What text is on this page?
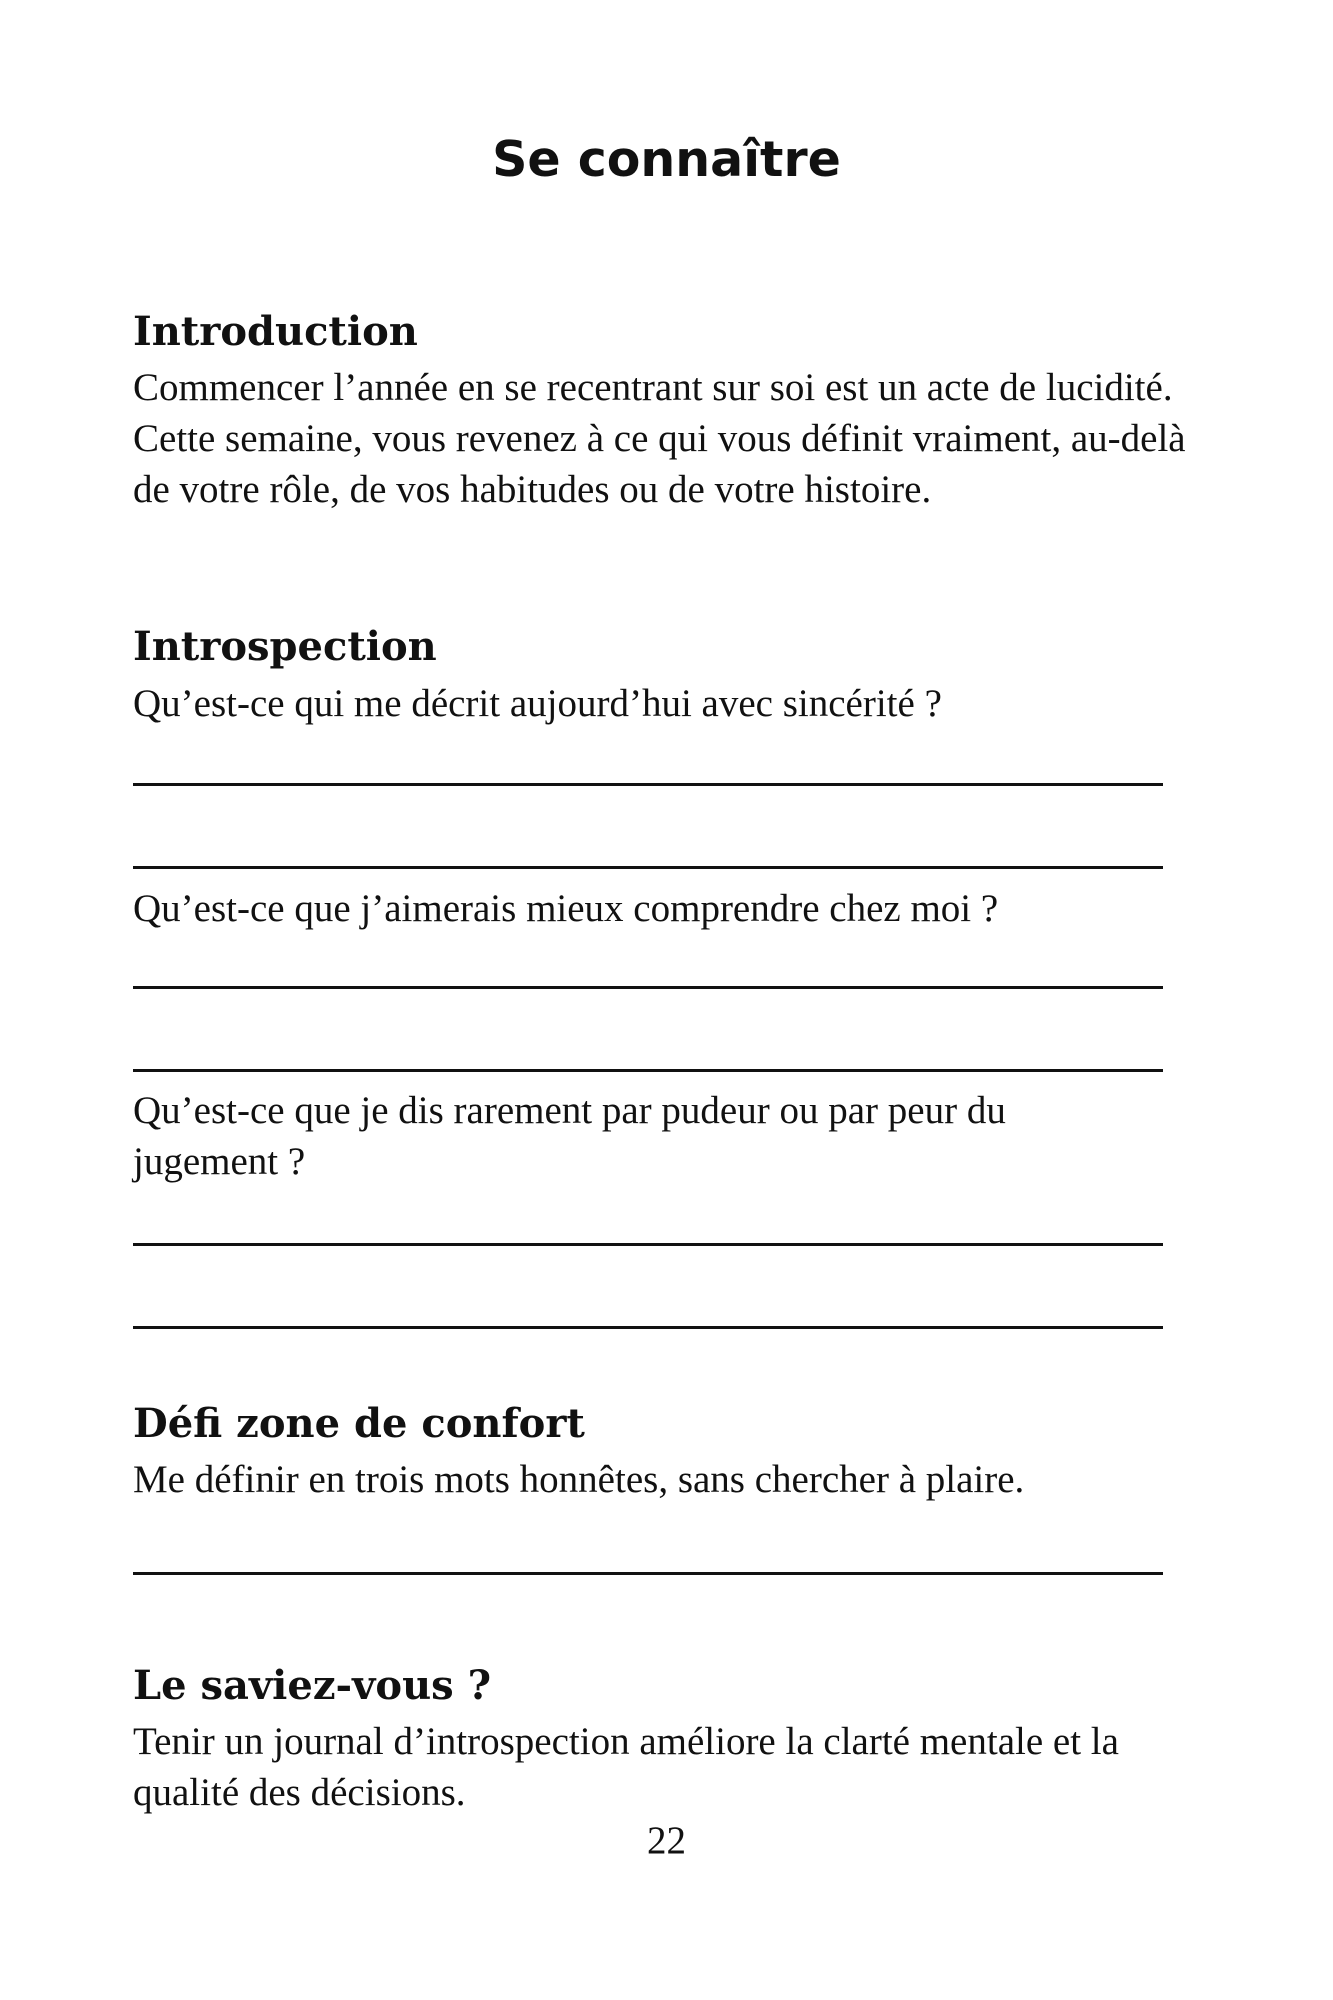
Se connaître
Introduction

Commencer l’année en se recentrant sur soi est un acte de lucidité. Cette semaine, vous revenez à ce qui vous définit vraiment, au-delà de votre rôle, de vos habitudes ou de votre histoire.

Introspection

Qu’est-ce qui me décrit aujourd’hui avec sincérité ?

Qu’est-ce que j’aimerais mieux comprendre chez moi ?

Qu’est-ce que je dis rarement par pudeur ou par peur du jugement ?

Défi zone de confort

Me définir en trois mots honnêtes, sans chercher à plaire.

Le saviez-vous ?

Tenir un journal d’introspection améliore la clarté mentale et la qualité des décisions.

22
